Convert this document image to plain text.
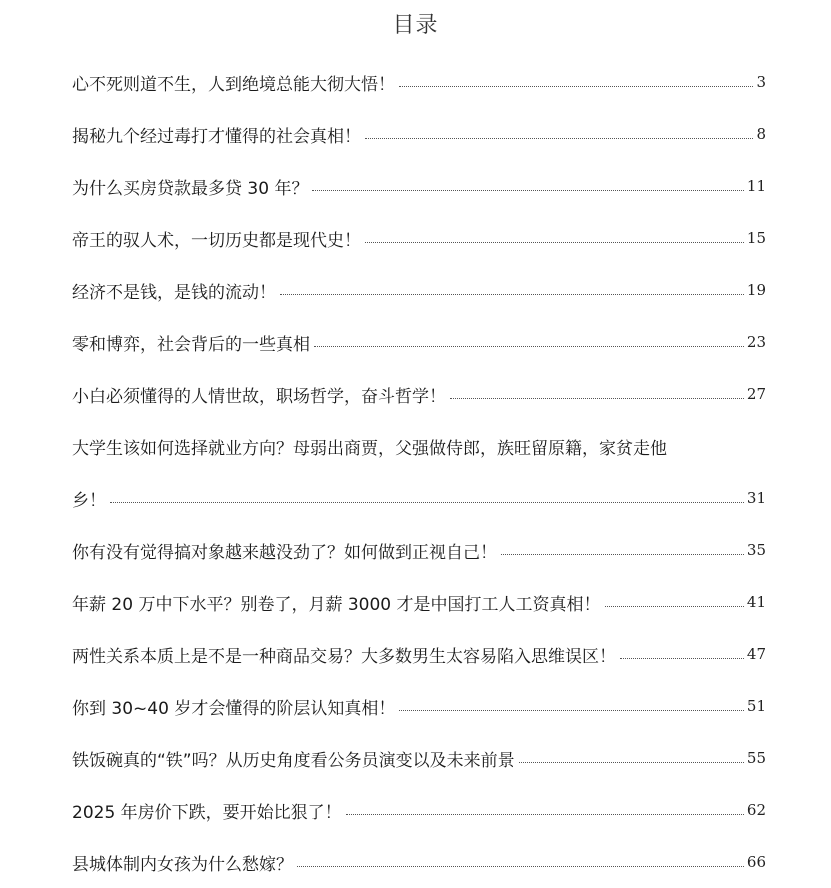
目录
心不死则道不生，人到绝境总能大彻大悟！	3
揭秘九个经过毒打才懂得的社会真相！	8
为什么买房贷款最多贷 30 年？	11
帝王的驭人术，一切历史都是现代史！	15
经济不是钱，是钱的流动！	19
零和博弈，社会背后的一些真相	23
小白必须懂得的人情世故，职场哲学，奋斗哲学！	27
大学生该如何选择就业方向？母弱出商贾，父强做侍郎，族旺留原籍，家贫走他
乡！	31
你有没有觉得搞对象越来越没劲了？如何做到正视自己！	35
年薪 20 万中下水平？别卷了，月薪 3000 才是中国打工人工资真相！	41
两性关系本质上是不是一种商品交易？大多数男生太容易陷入思维误区！	47
你到 30~40 岁才会懂得的阶层认知真相！	51
铁饭碗真的“铁”吗？从历史角度看公务员演变以及未来前景	55
2025 年房价下跌，要开始比狠了！	62
县城体制内女孩为什么愁嫁？	66
